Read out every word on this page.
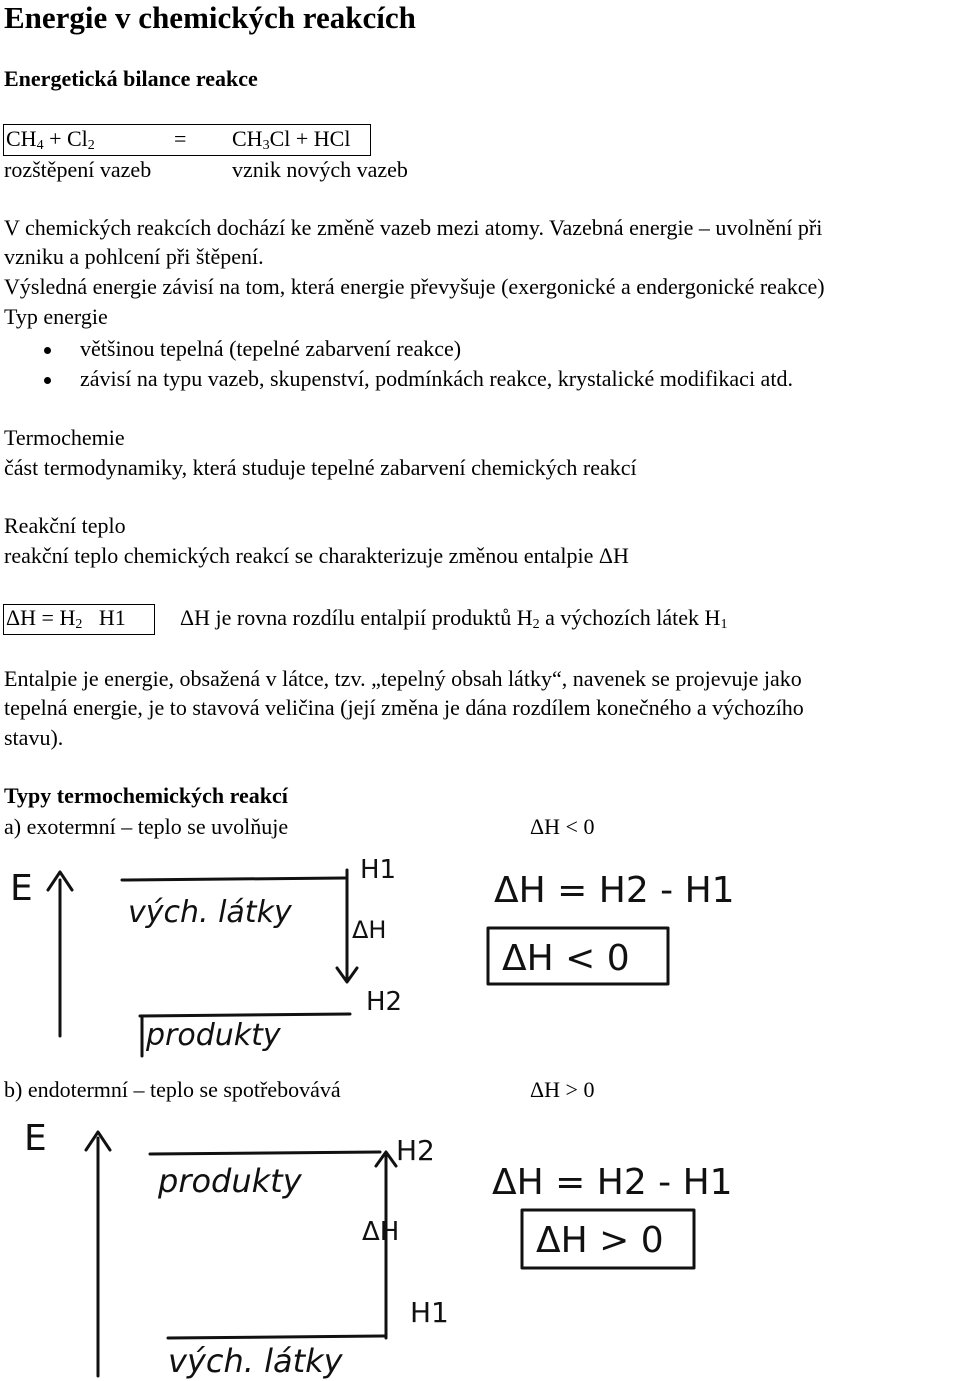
Energie v chemických reakcích
Energetická bilance reakce
$CH_4 + Cl_2$	= $CH_3Cl$ + HCl
rozštěpení vazeb	vznik nových vazeb
V chemických reakcích dochází ke změně vazeb mezi atomy. Vazebná energie – uvolnění při
vzniku a pohlcení při štěpení.
Výsledná energie závisí na tom, která energie převyšuje (exergonické a endergonické reakce)
Typ energie
většinou tepelná (tepelné zabarvení reakce)
závisí na typu vazeb, skupenství, podmínkách reakce, krystalické modifikaci atd.
Termochemie
část termodynamiky, která studuje tepelné zabarvení chemických reakcí
Reakční teplo
reakční teplo chemických reakcí se charakterizuje změnou entalpie ΔH
$\Delta H = H_2$   H1 ΔH je rovna rozdílu entalpií produktů $H_2$ a výchozích látek $H_1$
Entalpie je energie, obsažená v látce, tzv. „tepelný obsah látky“, navenek se projevuje jako
tepelná energie, je to stavová veličina (její změna je dána rozdílem konečného a výchozího
stavu).
Typy termochemických reakcí
a) exotermní – teplo se uvolňuje	ΔH < 0
E
vých. látky
H1
ΔH
H2
produkty
ΔH = H2 - H1
ΔH < 0
b) endotermní – teplo se spotřebovává	ΔH > 0
E
produkty
H2
ΔH
H1
vých. látky
ΔH = H2 - H1
ΔH > 0
